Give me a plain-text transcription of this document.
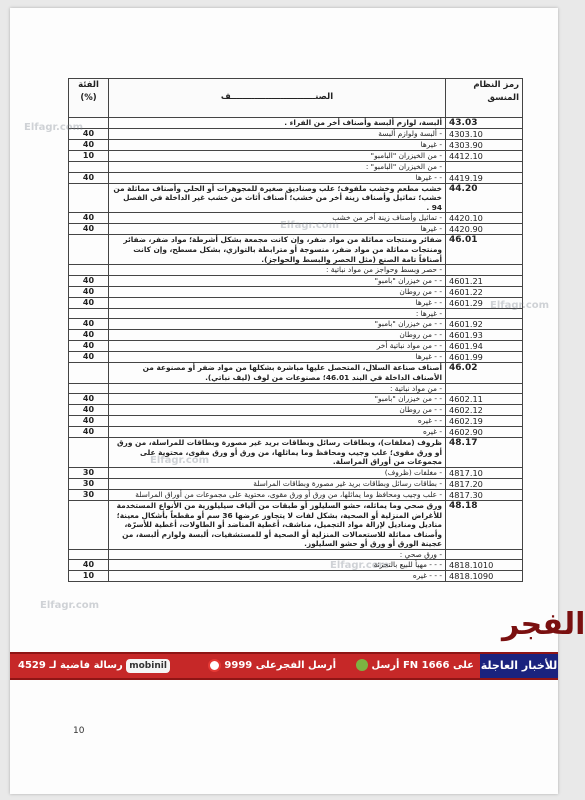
رمز النظام المنسق	الصنـــــــــــــــــــــــــــــف	الفئة (%)
43.03	ألبسة، لوازم ألبسة وأصناف أخر من الفراء .	
4303.10	- ألبسة ولوازم ألبسة	40
4303.90	- غيرها	40
4412.10	- من الخيزران "البامبو"	10
	- من الخيزران "البامبو" :	
4419.19	- - غيرها	40
44.20	خشب مطعم وخشب ملفوف؛ علب وصناديق صغيرة للمجوهرات أو الحلي وأصناف مماثلة من خشب؛ تماثيل وأصناف زينة أخر من خشب؛ أصناف أثاث من خشب غير الداخلة في الفصل 94 .	
4420.10	- تماثيل وأصناف زينة أخر من خشب	40
4420.90	- غيرها	40
46.01	ضفائر ومنتجات مماثلة من مواد ضفر، وإن كانت مجمعة بشكل أشرطة؛ مواد ضفر، ضفائر ومنتجات مماثلة من مواد ضفر، منسوجة أو مترابطة بالتوازي، بشكل مسطح، وإن كانت أصنافاً تامة الصنع (مثل الحصر والبسط والحواجز).	
	- حصر وبسط وحواجز من مواد نباتية :	
4601.21	- - من خيزران "بامبو"	40
4601.22	- - من روطان	40
4601.29	- - غيرها	40
	- غيرها :	
4601.92	- - من خيزران "بامبو"	40
4601.93	- - من روطان	40
4601.94	- - من مواد نباتية أخر	40
4601.99	- - غيرها	40
46.02	أصناف صناعة السلال، المتحصل عليها مباشرة بشكلها من مواد ضفر أو مصنوعة من الأصناف الداخلة في البند 46.01؛ مصنوعات من لوف (ليف نباتي).	
	- من مواد نباتية :	
4602.11	- - من خيزران "بامبو"	40
4602.12	- - من روطان	40
4602.19	- - غيره	40
4602.90	- غيره	40
48.17	ظروف (مغلفات)، وبطاقات رسائل وبطاقات بريد غير مصورة وبطاقات للمراسلة، من ورق أو ورق مقوى؛ علب وجيب ومحافظ وما يماثلها، من ورق أو ورق مقوى، محتوية على مجموعات من أوراق المراسلة.	
4817.10	- مغلفات (ظروف)	30
4817.20	- بطاقات رسائل وبطاقات بريد غير مصورة وبطاقات المراسلة	30
4817.30	- علب وجيب ومحافظ وما يماثلها، من ورق أو ورق مقوى، محتوية على مجموعات من أوراق المراسلة	30
48.18	ورق صحي وما يماثله، حشو السليلوز أو طبقات من ألياف سيليلوزية من الأنواع المستخدمة للأغراض المنزلية أو الصحية، بشكل لفات لا يتجاوز عرضها 36 سم أو مقطعاً بأشكال معينة؛ مناديل ومناديل لإزالة مواد التجميل، مناشف، أغطية المناضد أو الطاولات، أغطية للأسرّة، وأصناف مماثلة للاستعمالات المنزلية أو الصحية أو للمستشفيات، ألبسة ولوازم ألبسة، من عجينة الورق أو ورق أو حشو السليلوز.	
	- ورق صحي :	
4818.1010	- - - مهيأ للبيع بالتجزئة	40
4818.1090	- - - غيره	10
10
Elfagr.com
Elfagr.com
Elfagr.com
Elfagr.com
Elfagr.com
Elfagr.com
الفجر
للأخبار العاجلة
أرسل FN على 1666
أرسل الفجرعلى 9999
رسالة فاضية لـ 4529 mobinil
